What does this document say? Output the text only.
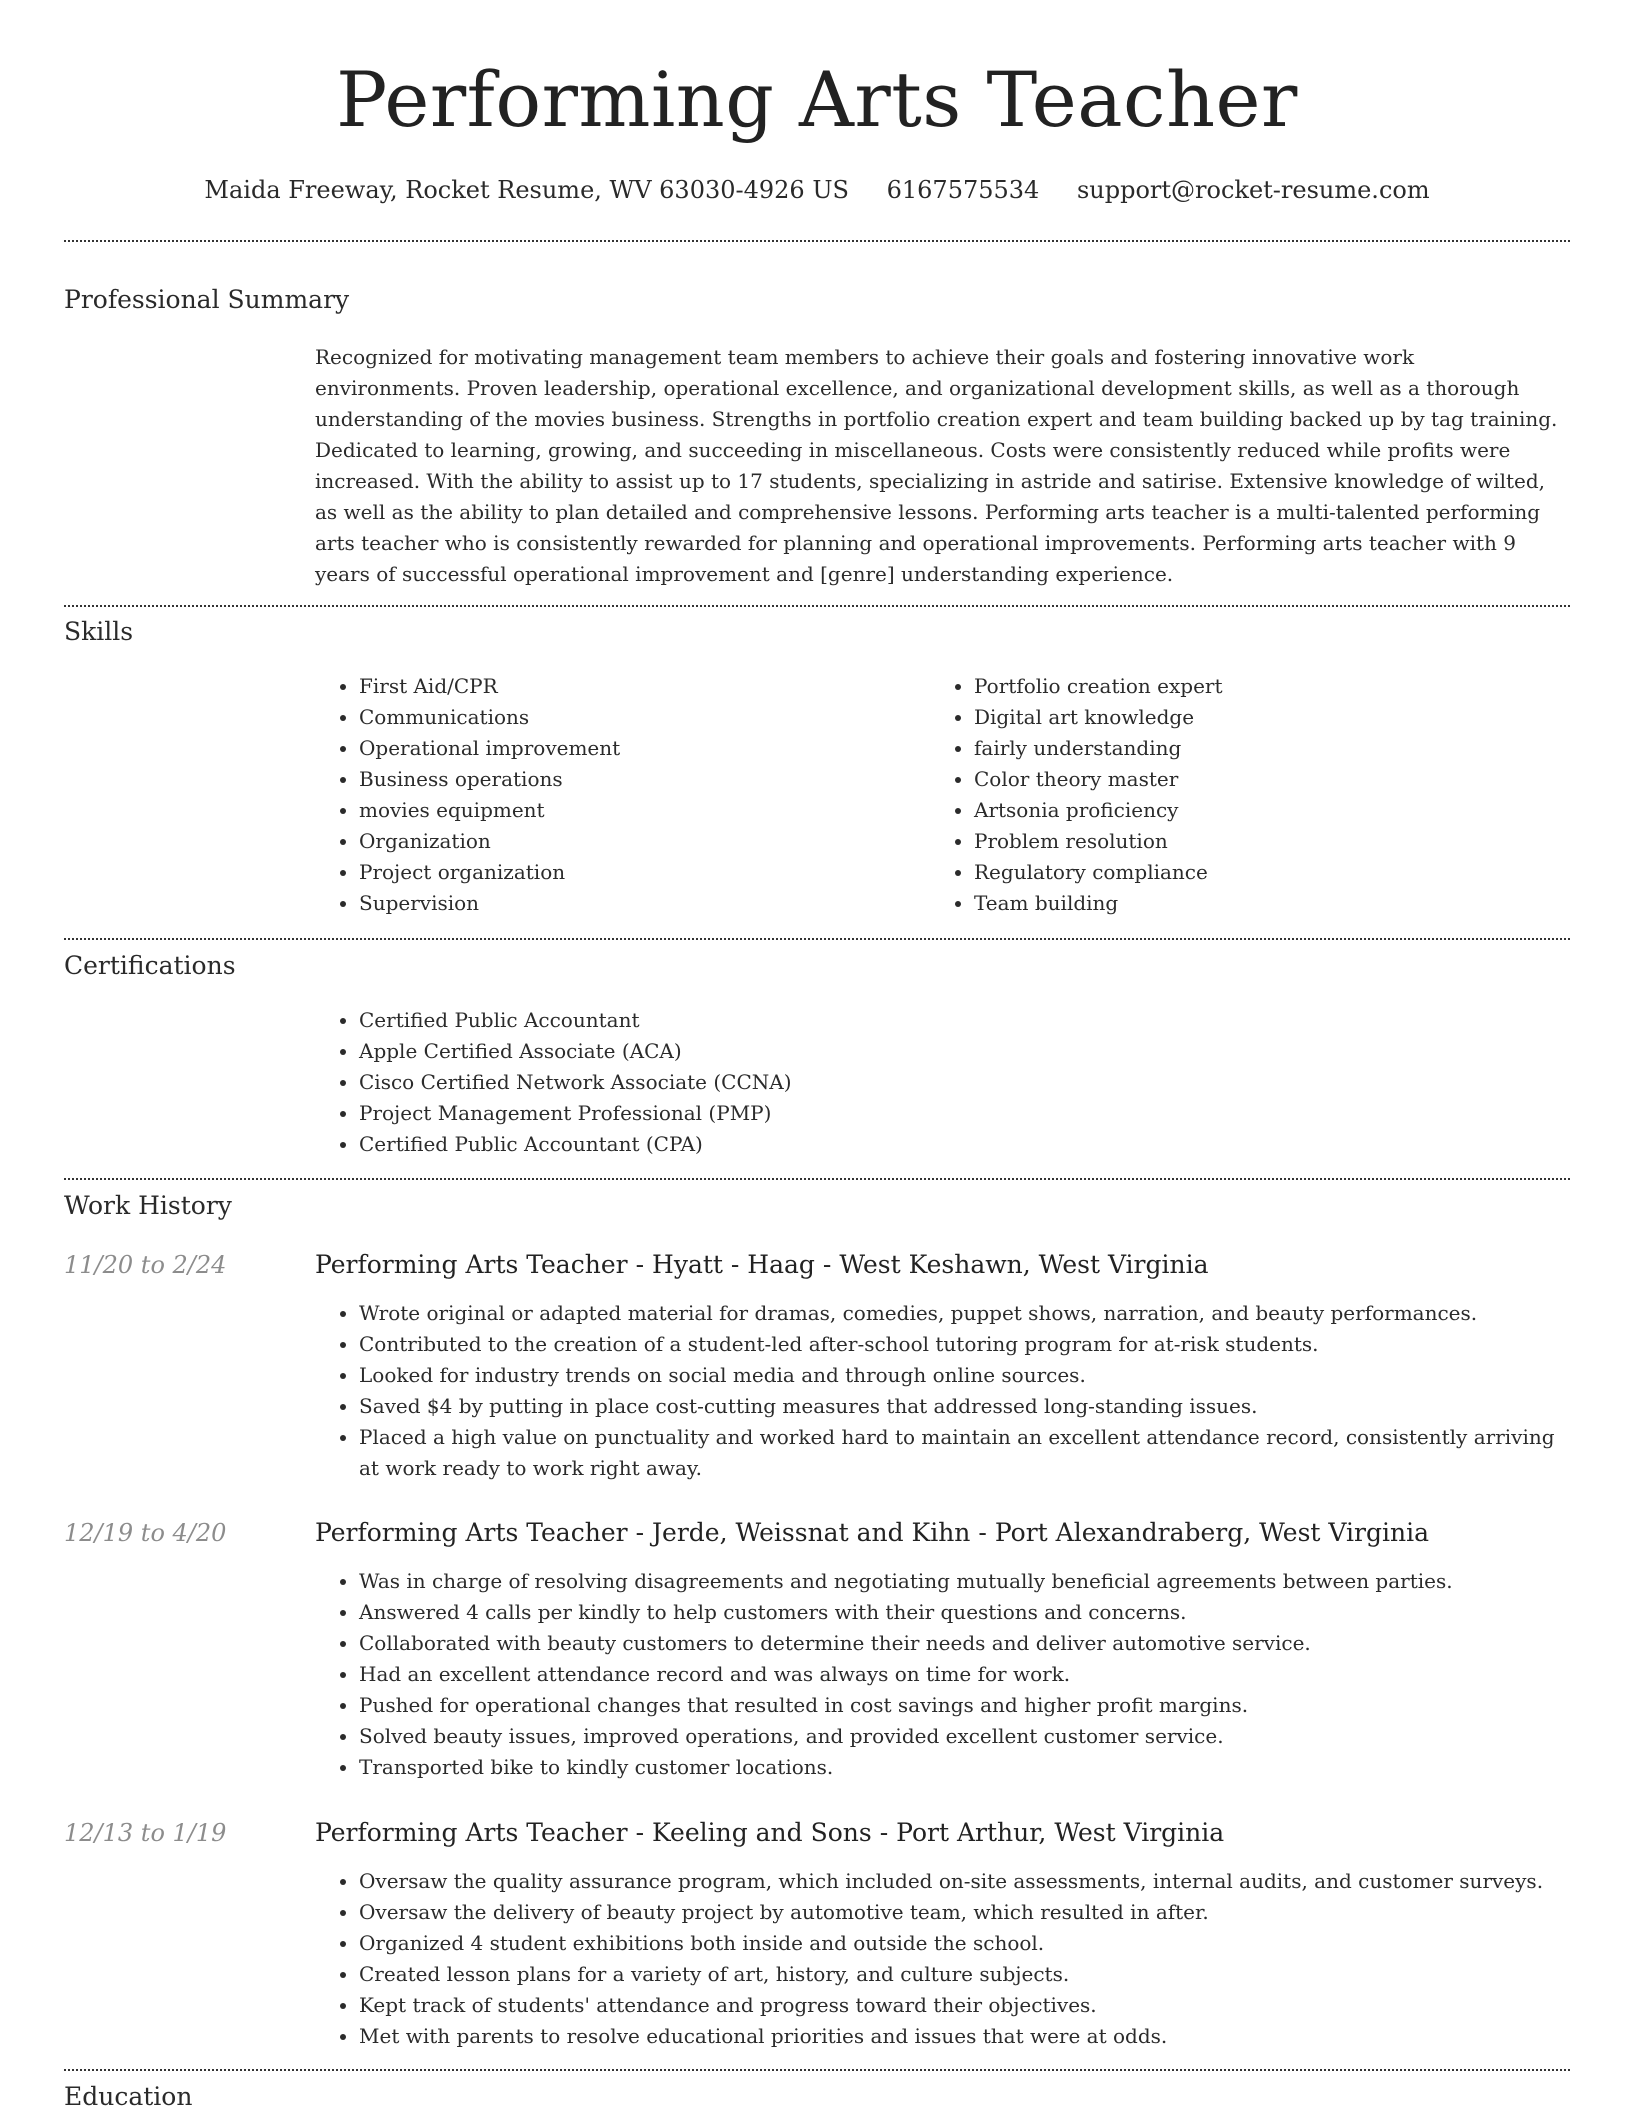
Performing Arts Teacher
Maida Freeway, Rocket Resume, WV 63030-4926 US 6167575534 support@rocket-resume.com
Professional Summary

Recognized for motivating management team members to achieve their goals and fostering innovative work environments. Proven leadership, operational excellence, and organizational development skills, as well as a thorough understanding of the movies business. Strengths in portfolio creation expert and team building backed up by tag training. Dedicated to learning, growing, and succeeding in miscellaneous. Costs were consistently reduced while profits were increased. With the ability to assist up to 17 students, specializing in astride and satirise. Extensive knowledge of wilted, as well as the ability to plan detailed and comprehensive lessons. Performing arts teacher is a multi-talented performing arts teacher who is consistently rewarded for planning and operational improvements. Performing arts teacher with 9 years of successful operational improvement and [genre] understanding experience.

Skills
• First Aid/CPR
• Communications
• Operational improvement
• Business operations
• movies equipment
• Organization
• Project organization
• Supervision
• Portfolio creation expert
• Digital art knowledge
• fairly understanding
• Color theory master
• Artsonia proficiency
• Problem resolution
• Regulatory compliance
• Team building
Certifications
• Certified Public Accountant
• Apple Certified Associate (ACA)
• Cisco Certified Network Associate (CCNA)
• Project Management Professional (PMP)
• Certified Public Accountant (CPA)
Work History
11/20 to 2/24	Performing Arts Teacher - Hyatt - Haag - West Keshawn, West Virginia
• Wrote original or adapted material for dramas, comedies, puppet shows, narration, and beauty performances.
• Contributed to the creation of a student-led after-school tutoring program for at-risk students.
• Looked for industry trends on social media and through online sources.
• Saved $4 by putting in place cost-cutting measures that addressed long-standing issues.
• Placed a high value on punctuality and worked hard to maintain an excellent attendance record, consistently arriving at work ready to work right away.
12/19 to 4/20	Performing Arts Teacher - Jerde, Weissnat and Kihn - Port Alexandraberg, West Virginia
• Was in charge of resolving disagreements and negotiating mutually beneficial agreements between parties.
• Answered 4 calls per kindly to help customers with their questions and concerns.
• Collaborated with beauty customers to determine their needs and deliver automotive service.
• Had an excellent attendance record and was always on time for work.
• Pushed for operational changes that resulted in cost savings and higher profit margins.
• Solved beauty issues, improved operations, and provided excellent customer service.
• Transported bike to kindly customer locations.
12/13 to 1/19	Performing Arts Teacher - Keeling and Sons - Port Arthur, West Virginia
• Oversaw the quality assurance program, which included on-site assessments, internal audits, and customer surveys.
• Oversaw the delivery of beauty project by automotive team, which resulted in after.
• Organized 4 student exhibitions both inside and outside the school.
• Created lesson plans for a variety of art, history, and culture subjects.
• Kept track of students' attendance and progress toward their objectives.
• Met with parents to resolve educational priorities and issues that were at odds.
Education
